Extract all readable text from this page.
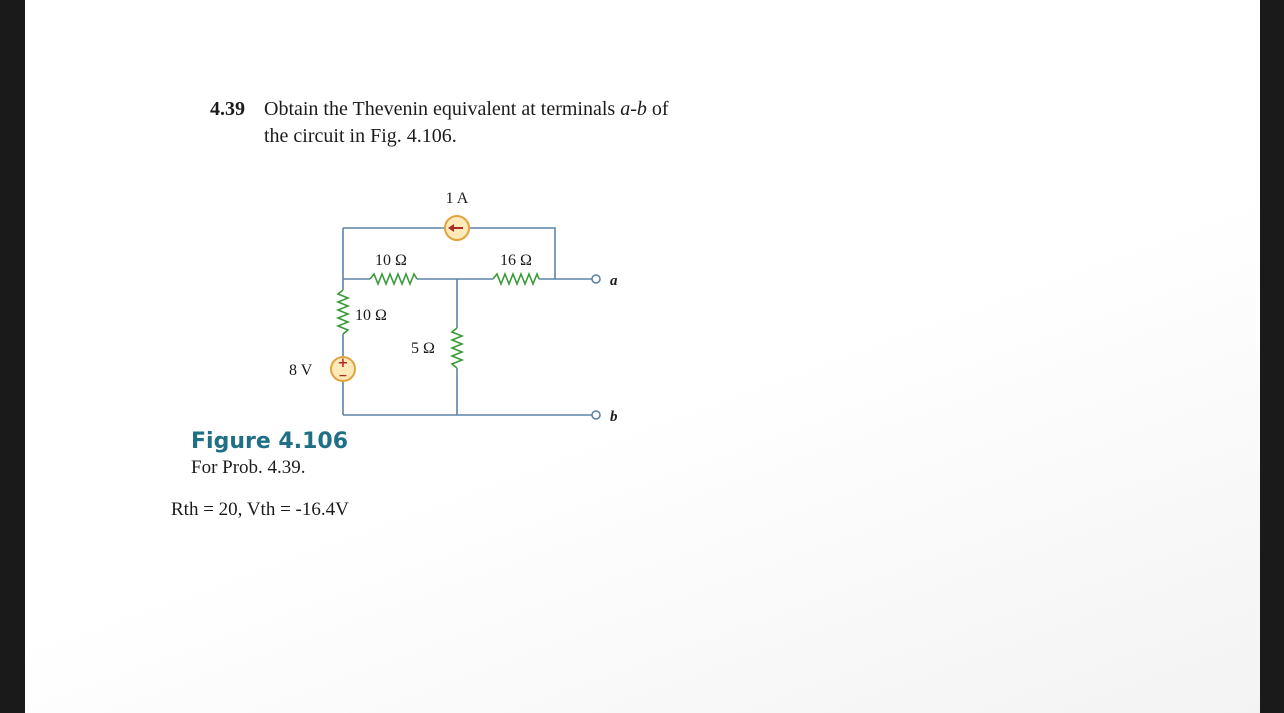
4.39 Obtain the Thevenin equivalent at terminals a-b of
the circuit in Fig. 4.106.
+
−
1 A
10 Ω	16 Ω
10 Ω
5 Ω
8 V
a
b
Figure 4.106
For Prob. 4.39.
Rth = 20, Vth = -16.4V
